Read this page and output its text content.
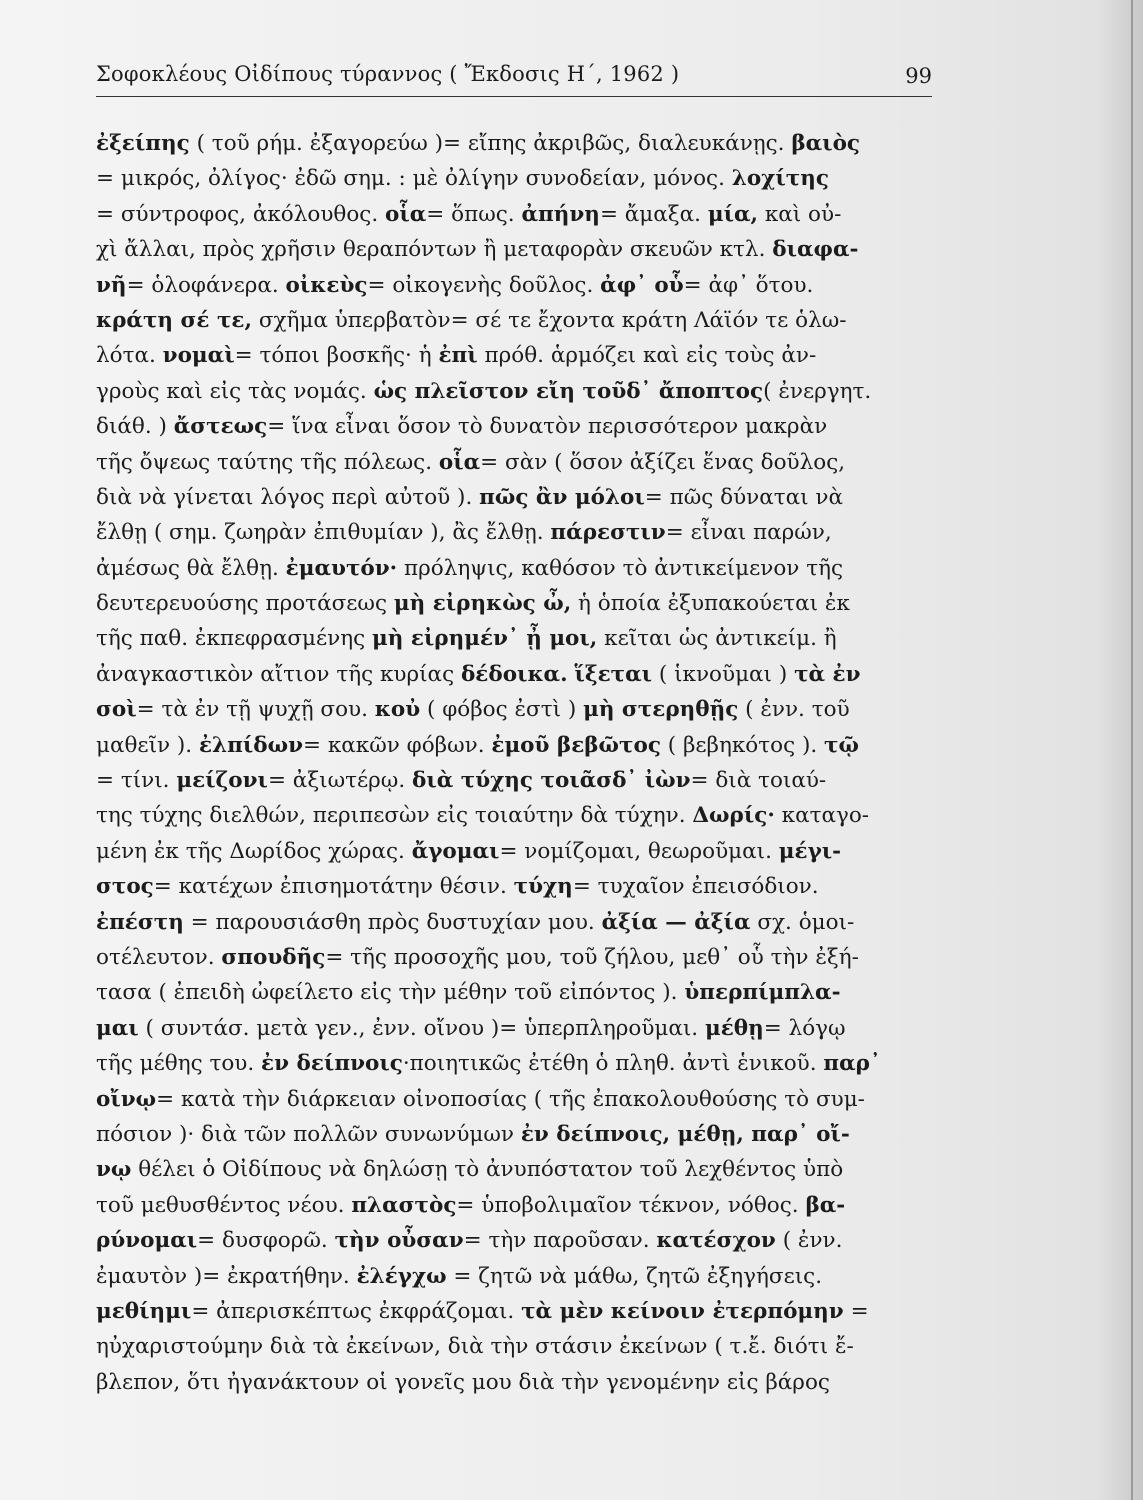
Σοφοκλέους Οἰδίπους τύραννος ( Ἔκδοσις Η΄, 1962 )	99
ἐξείπης ( τοῦ ρήμ. ἐξαγορεύω )= εἴπης ἀκριβῶς, διαλευκάνῃς. βαιὸς
= μικρός, ὀλίγος· ἐδῶ σημ. : μὲ ὀλίγην συνοδείαν, μόνος. λοχίτης
= σύντροφος, ἀκόλουθος. οἷα= ὅπως. ἀπήνη= ἄμαξα. μία, καὶ οὐ-
χὶ ἄλλαι, πρὸς χρῆσιν θεραπόντων ἢ μεταφορὰν σκευῶν κτλ. διαφα-
νῆ= ὁλοφάνερα. οἰκεὺς= οἰκογενὴς δοῦλος. ἀφ᾽ οὗ= ἀφ᾽ ὅτου.
κράτη σέ τε, σχῆμα ὑπερβατὸν= σέ τε ἔχοντα κράτη Λάϊόν τε ὁλω-
λότα. νομαὶ= τόποι βοσκῆς· ἡ ἐπὶ πρόθ. ἁρμόζει καὶ εἰς τοὺς ἀν-
γροὺς καὶ εἰς τὰς νομάς. ὡς πλεῖστον εἴη τοῦδ᾽ ἄποπτος( ἐνεργητ.
διάθ. ) ἄστεως= ἵνα εἶναι ὅσον τὸ δυνατὸν περισσότερον μακρὰν
τῆς ὄψεως ταύτης τῆς πόλεως. οἷα= σὰν ( ὅσον ἀξίζει ἕνας δοῦλος,
διὰ νὰ γίνεται λόγος περὶ αὐτοῦ ). πῶς ἂν μόλοι= πῶς δύναται νὰ
ἔλθῃ ( σημ. ζωηρὰν ἐπιθυμίαν ), ἂς ἔλθῃ. πάρεστιν= εἶναι παρών,
ἀμέσως θὰ ἔλθῃ. ἐμαυτόν· πρόληψις, καθόσον τὸ ἀντικείμενον τῆς
δευτερευούσης προτάσεως μὴ εἰρηκὼς ὦ, ἡ ὁποία ἐξυπακούεται ἐκ
τῆς παθ. ἐκπεφρασμένης μὴ εἰρημέν᾽ ᾖ μοι, κεῖται ὡς ἀντικείμ. ἢ
ἀναγκαστικὸν αἴτιον τῆς κυρίας δέδοικα. ἵξεται ( ἱκνοῦμαι ) τὰ ἐν
σοὶ= τὰ ἐν τῇ ψυχῇ σου. κοὐ ( φόβος ἐστὶ ) μὴ στερηθῇς ( ἐνν. τοῦ
μαθεῖν ). ἐλπίδων= κακῶν φόβων. ἐμοῦ βεβῶτος ( βεβηκότος ). τῷ
= τίνι. μείζονι= ἀξιωτέρῳ. διὰ τύχης τοιᾶσδ᾽ ἰὼν= διὰ τοιαύ-
της τύχης διελθών, περιπεσὼν εἰς τοιαύτην δὰ τύχην. Δωρίς· καταγο-
μένη ἐκ τῆς Δωρίδος χώρας. ἄγομαι= νομίζομαι, θεωροῦμαι. μέγι-
στος= κατέχων ἐπισημοτάτην θέσιν. τύχη= τυχαῖον ἐπεισόδιον.
ἐπέστη = παρουσιάσθη πρὸς δυστυχίαν μου. ἀξία — ἀξία σχ. ὁμοι-
οτέλευτον. σπουδῆς= τῆς προσοχῆς μου, τοῦ ζήλου, μεθ᾽ οὗ τὴν ἐξή-
τασα ( ἐπειδὴ ὠφείλετο εἰς τὴν μέθην τοῦ εἰπόντος ). ὑπερπίμπλα-
μαι ( συντάσ. μετὰ γεν., ἐνν. οἴνου )= ὑπερπληροῦμαι. μέθῃ= λόγῳ
τῆς μέθης του. ἐν δείπνοις·ποιητικῶς ἐτέθη ὁ πληθ. ἀντὶ ἑνικοῦ. παρ᾽
οἴνῳ= κατὰ τὴν διάρκειαν οἰνοποσίας ( τῆς ἐπακολουθούσης τὸ συμ-
πόσιον )· διὰ τῶν πολλῶν συνωνύμων ἐν δείπνοις, μέθῃ, παρ᾽ οἴ-
νῳ θέλει ὁ Οἰδίπους νὰ δηλώσῃ τὸ ἀνυπόστατον τοῦ λεχθέντος ὑπὸ
τοῦ μεθυσθέντος νέου. πλαστὸς= ὑποβολιμαῖον τέκνον, νόθος. βα-
ρύνομαι= δυσφορῶ. τὴν οὖσαν= τὴν παροῦσαν. κατέσχον ( ἐνν.
ἐμαυτὸν )= ἐκρατήθην. ἐλέγχω = ζητῶ νὰ μάθω, ζητῶ ἐξηγήσεις.
μεθίημι= ἀπερισκέπτως ἐκφράζομαι. τὰ μὲν κείνοιν ἐτερπόμην =
ηὐχαριστούμην διὰ τὰ ἐκείνων, διὰ τὴν στάσιν ἐκείνων ( τ.ἔ. διότι ἔ-
βλεπον, ὅτι ἠγανάκτουν οἱ γονεῖς μου διὰ τὴν γενομένην εἰς βάρος
